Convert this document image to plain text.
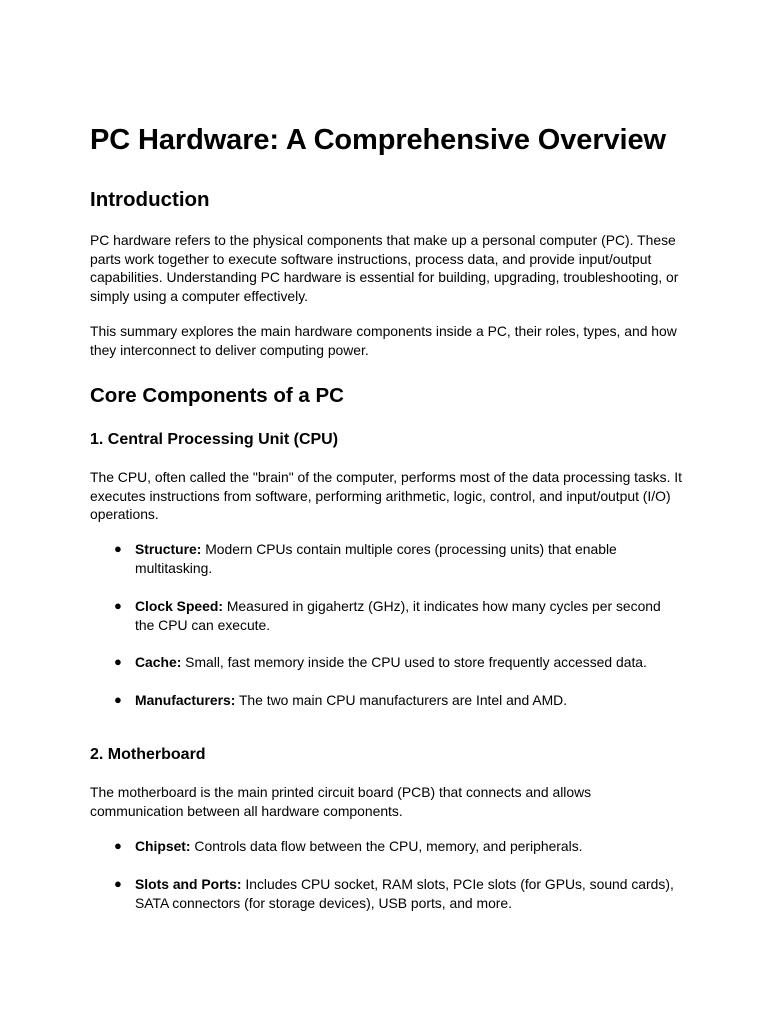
PC Hardware: A Comprehensive Overview
Introduction

PC hardware refers to the physical components that make up a personal computer (PC). These parts work together to execute software instructions, process data, and provide input/output capabilities. Understanding PC hardware is essential for building, upgrading, troubleshooting, or simply using a computer effectively.

This summary explores the main hardware components inside a PC, their roles, types, and how they interconnect to deliver computing power.

Core Components of a PC
1. Central Processing Unit (CPU)

The CPU, often called the "brain" of the computer, performs most of the data processing tasks. It executes instructions from software, performing arithmetic, logic, control, and input/output (I/O) operations.

● Structure: Modern CPUs contain multiple cores (processing units) that enable multitasking.
● Clock Speed: Measured in gigahertz (GHz), it indicates how many cycles per second the CPU can execute.
● Cache: Small, fast memory inside the CPU used to store frequently accessed data.
● Manufacturers: The two main CPU manufacturers are Intel and AMD.
2. Motherboard

The motherboard is the main printed circuit board (PCB) that connects and allows communication between all hardware components.

● Chipset: Controls data flow between the CPU, memory, and peripherals.
● Slots and Ports: Includes CPU socket, RAM slots, PCIe slots (for GPUs, sound cards), SATA connectors (for storage devices), USB ports, and more.
